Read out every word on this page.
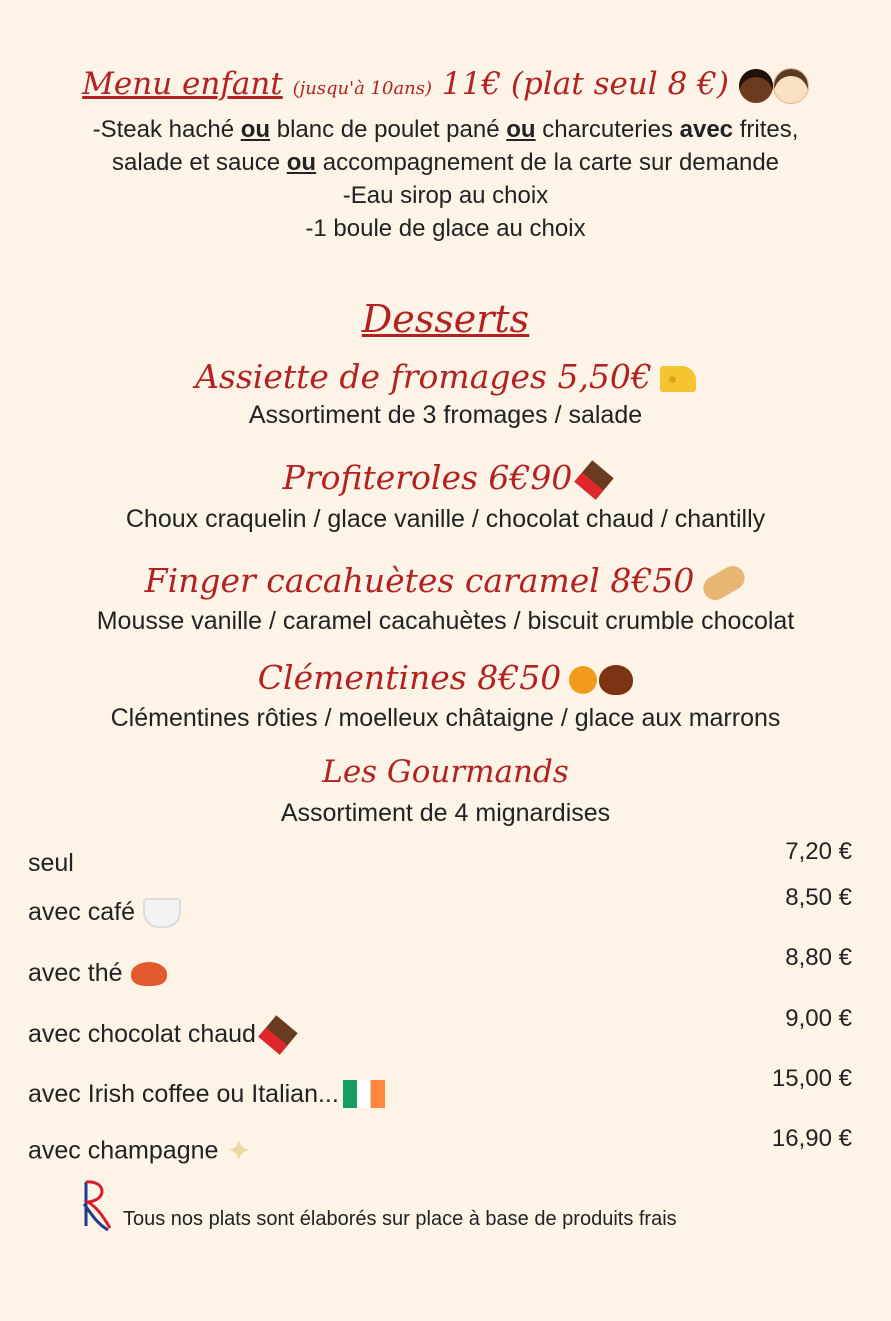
Menu enfant (jusqu'à 10ans) 11€ (plat seul 8 €)
-Steak haché ou blanc de poulet pané ou charcuteries avec frites,
salade et sauce ou accompagnement de la carte sur demande
-Eau sirop au choix
-1 boule de glace au choix
Desserts
Assiette de fromages 5,50€
Assortiment de 3 fromages / salade
Profiteroles 6€90
Choux craquelin / glace vanille / chocolat chaud / chantilly
Finger cacahuètes caramel 8€50
Mousse vanille / caramel cacahuètes / biscuit crumble chocolat
Clémentines 8€50
Clémentines rôties / moelleux châtaigne / glace aux marrons
Les Gourmands
Assortiment de 4 mignardises
seul	7,20 €
avec café
8,50 €
avec thé
8,80 €
avec chocolat chaud
9,00 €
avec Irish coffee ou Italian...
15,00 €
avec champagne ✦	16,90 €
Tous nos plats sont élaborés sur place à base de produits frais
